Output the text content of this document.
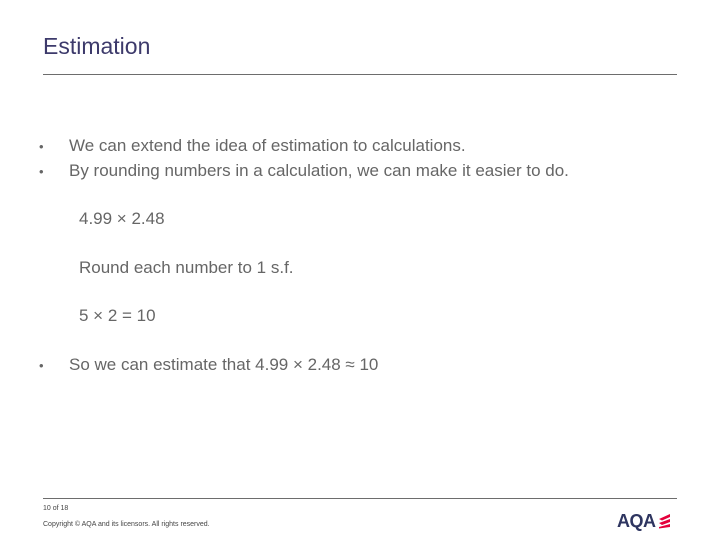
Estimation
• We can extend the idea of estimation to calculations.
• By rounding numbers in a calculation, we can make it easier to do.
4.99 × 2.48
Round each number to 1 s.f.
5 × 2 = 10
• So we can estimate that 4.99 × 2.48 ≈ 10
10 of 18
Copyright © AQA and its licensors. All rights reserved.	AQA
